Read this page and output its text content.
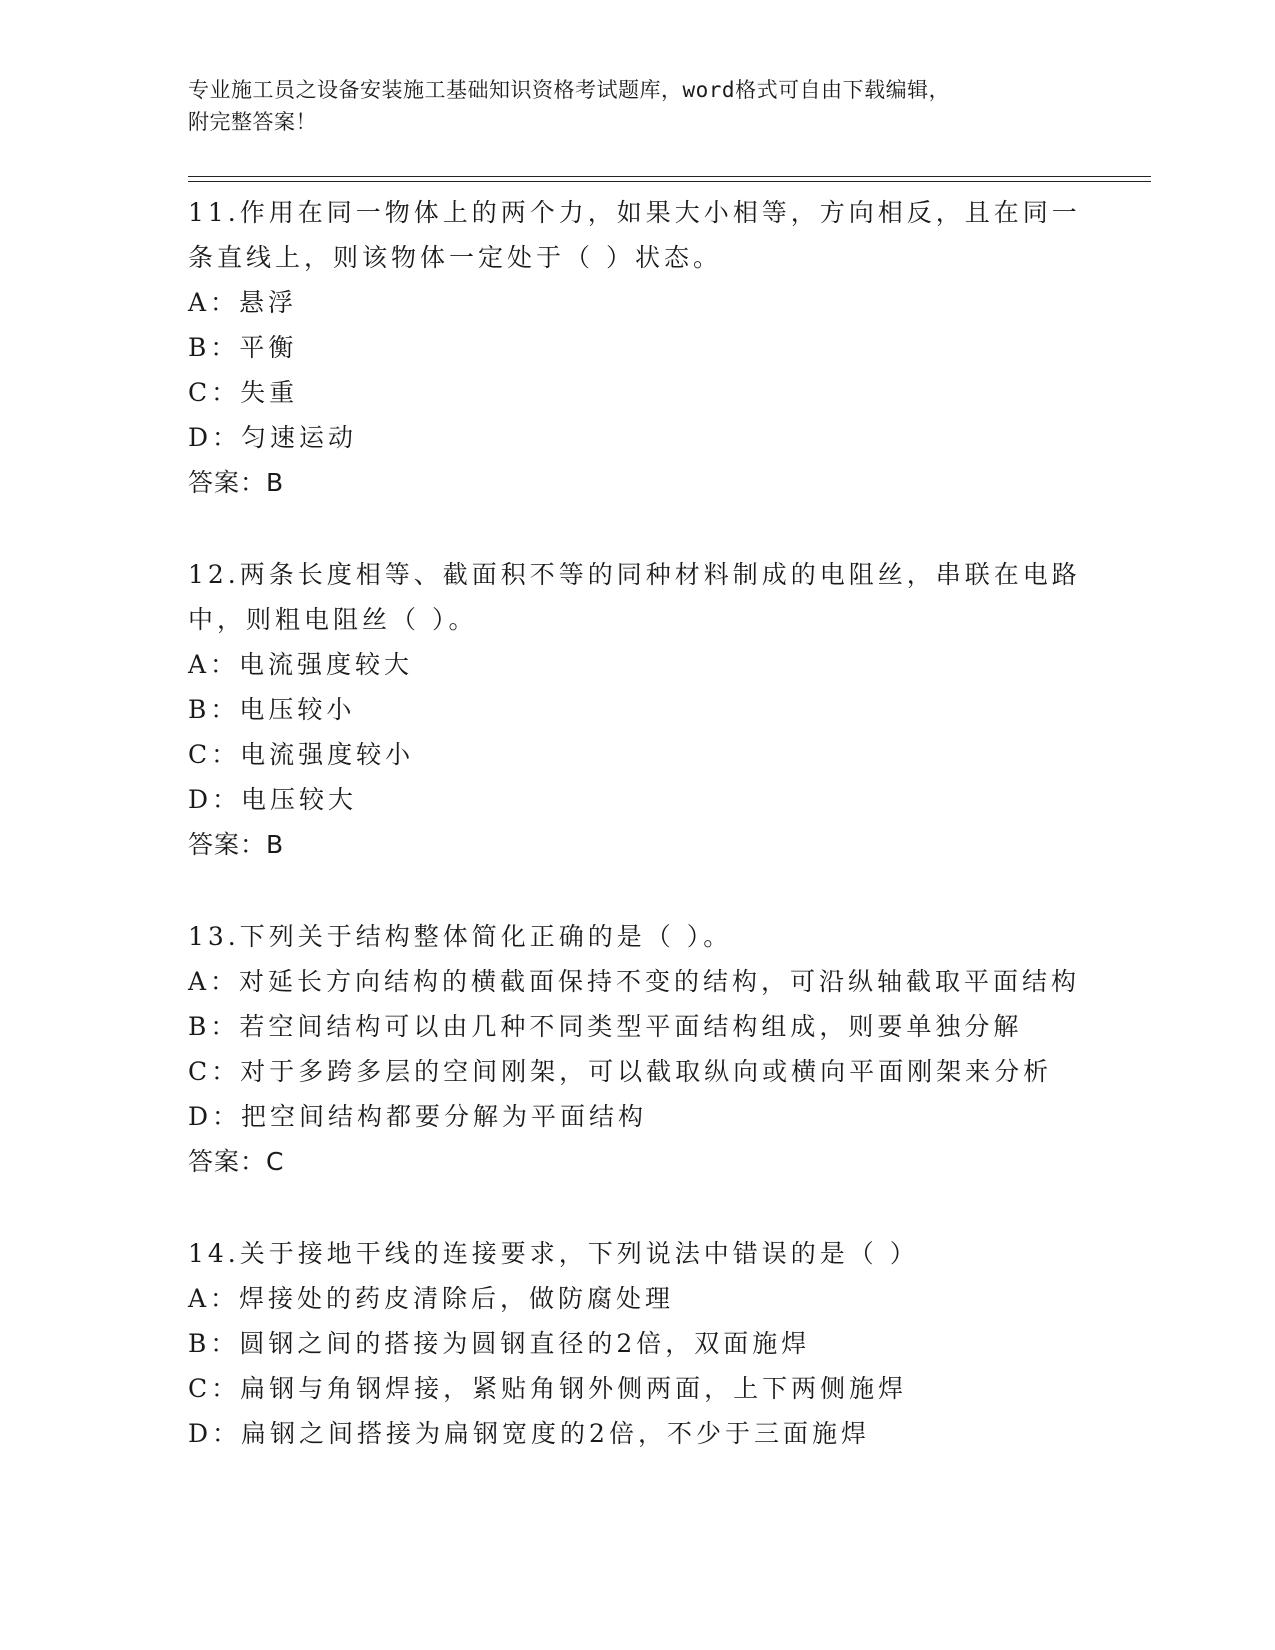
专业施工员之设备安装施工基础知识资格考试题库，word格式可自由下载编辑，
附完整答案！
11.作用在同一物体上的两个力，如果大小相等，方向相反，且在同一
条直线上，则该物体一定处于（ ）状态。
A：悬浮
B：平衡
C：失重
D：匀速运动
答案：B
12.两条长度相等、截面积不等的同种材料制成的电阻丝，串联在电路
中，则粗电阻丝（ ）。
A：电流强度较大
B：电压较小
C：电流强度较小
D：电压较大
答案：B
13.下列关于结构整体简化正确的是（ ）。
A：对延长方向结构的横截面保持不变的结构，可沿纵轴截取平面结构
B：若空间结构可以由几种不同类型平面结构组成，则要单独分解
C：对于多跨多层的空间刚架，可以截取纵向或横向平面刚架来分析
D：把空间结构都要分解为平面结构
答案：C
14.关于接地干线的连接要求，下列说法中错误的是（ ）
A：焊接处的药皮清除后，做防腐处理
B：圆钢之间的搭接为圆钢直径的2倍，双面施焊
C：扁钢与角钢焊接，紧贴角钢外侧两面，上下两侧施焊
D：扁钢之间搭接为扁钢宽度的2倍，不少于三面施焊
